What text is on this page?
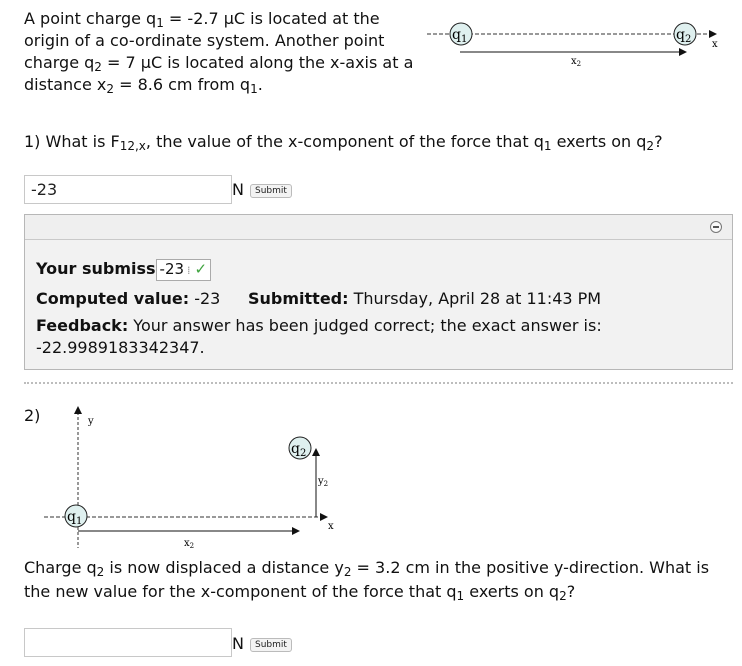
A point charge $q_1 = -2.7$ μC is located at the origin of a co-ordinate system. Another point charge $q_2 = 7$ μC is located along the x-axis at a distance $x_2 = 8.6$ cm from $q_1$.
$q_1$	$q_2$ x
$x_2$
1) What is $F_{12,x}$, the value of the x-component of the force that $q_1$ exerts on $q_2$?
-23
N	Submit
Your submiss -23 ⁞ ✓
Computed value: -23 Submitted: Thursday, April 28 at 11:43 PM
Feedback: Your answer has been judged correct; the exact answer is:
-22.9989183342347.
2)	y
x
$x_2$
$y_2$
$q_1$
$q_2$
Charge $q_2$ is now displaced a distance $y_2 = 3.2$ cm in the positive y-direction. What is the new value for the x-component of the force that $q_1$ exerts on $q_2$?
N	Submit
